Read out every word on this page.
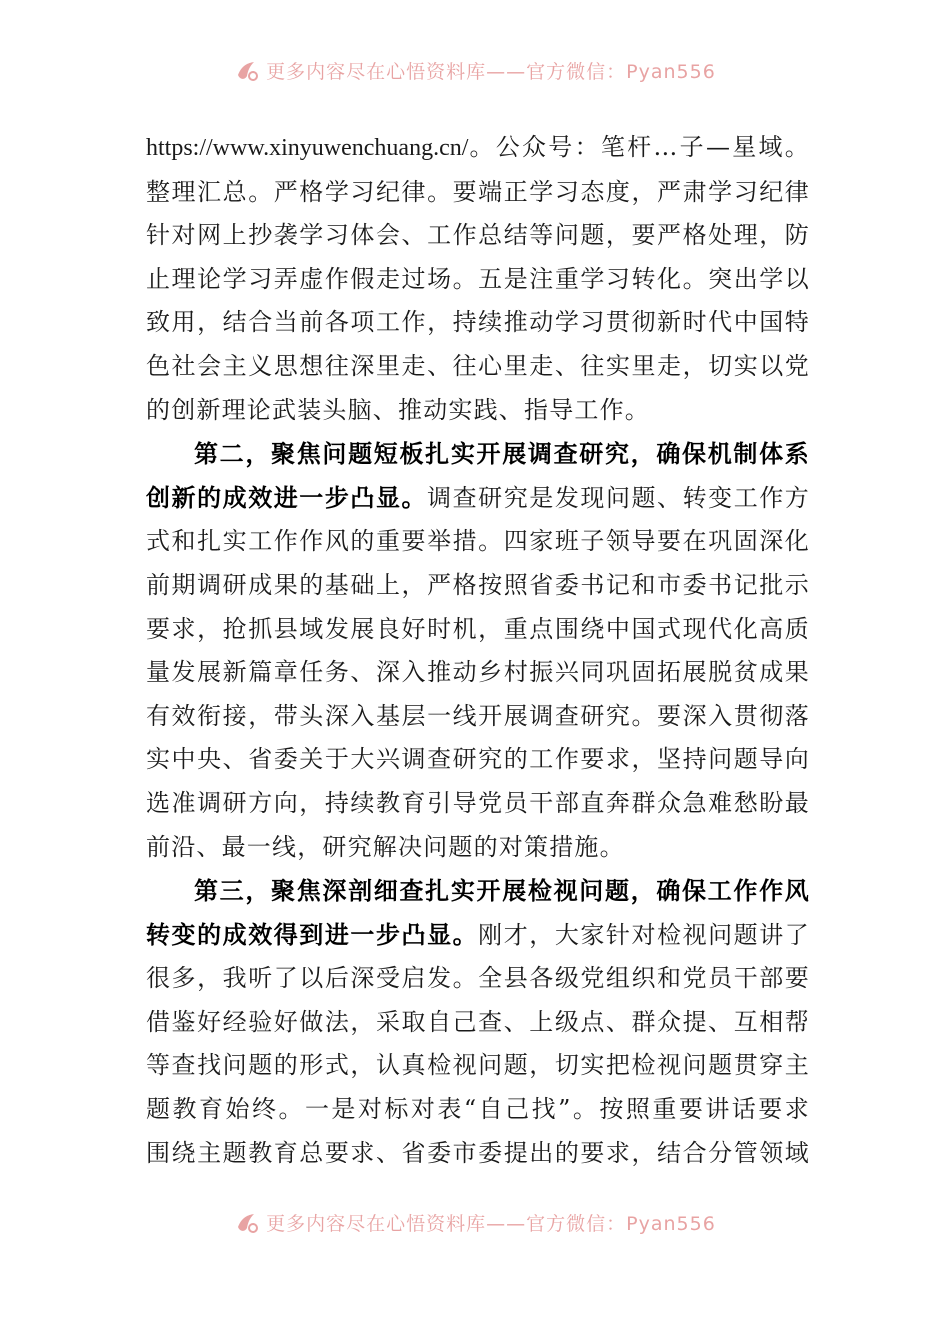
更多内容尽在心悟资料库——官方微信：Pyan556

https://www.xinyuwenchuang.cn/。公众号：笔杆…子—星域。

整理汇总。严格学习纪律。要端正学习态度，严肃学习纪律

针对网上抄袭学习体会、工作总结等问题，要严格处理，防

止理论学习弄虚作假走过场。五是注重学习转化。突出学以

致用，结合当前各项工作，持续推动学习贯彻新时代中国特

色社会主义思想往深里走、往心里走、往实里走，切实以党

的创新理论武装头脑、推动实践、指导工作。

第二，聚焦问题短板扎实开展调查研究，确保机制体系

创新的成效进一步凸显。调查研究是发现问题、转变工作方

式和扎实工作作风的重要举措。四家班子领导要在巩固深化

前期调研成果的基础上，严格按照省委书记和市委书记批示

要求，抢抓县域发展良好时机，重点围绕中国式现代化高质

量发展新篇章任务、深入推动乡村振兴同巩固拓展脱贫成果

有效衔接，带头深入基层一线开展调查研究。要深入贯彻落

实中央、省委关于大兴调查研究的工作要求，坚持问题导向

选准调研方向，持续教育引导党员干部直奔群众急难愁盼最

前沿、最一线，研究解决问题的对策措施。

第三，聚焦深剖细查扎实开展检视问题，确保工作作风

转变的成效得到进一步凸显。刚才，大家针对检视问题讲了

很多，我听了以后深受启发。全县各级党组织和党员干部要

借鉴好经验好做法，采取自己查、上级点、群众提、互相帮

等查找问题的形式，认真检视问题，切实把检视问题贯穿主

题教育始终。一是对标对表“自己找”。按照重要讲话要求

围绕主题教育总要求、省委市委提出的要求，结合分管领域

更多内容尽在心悟资料库——官方微信：Pyan556
